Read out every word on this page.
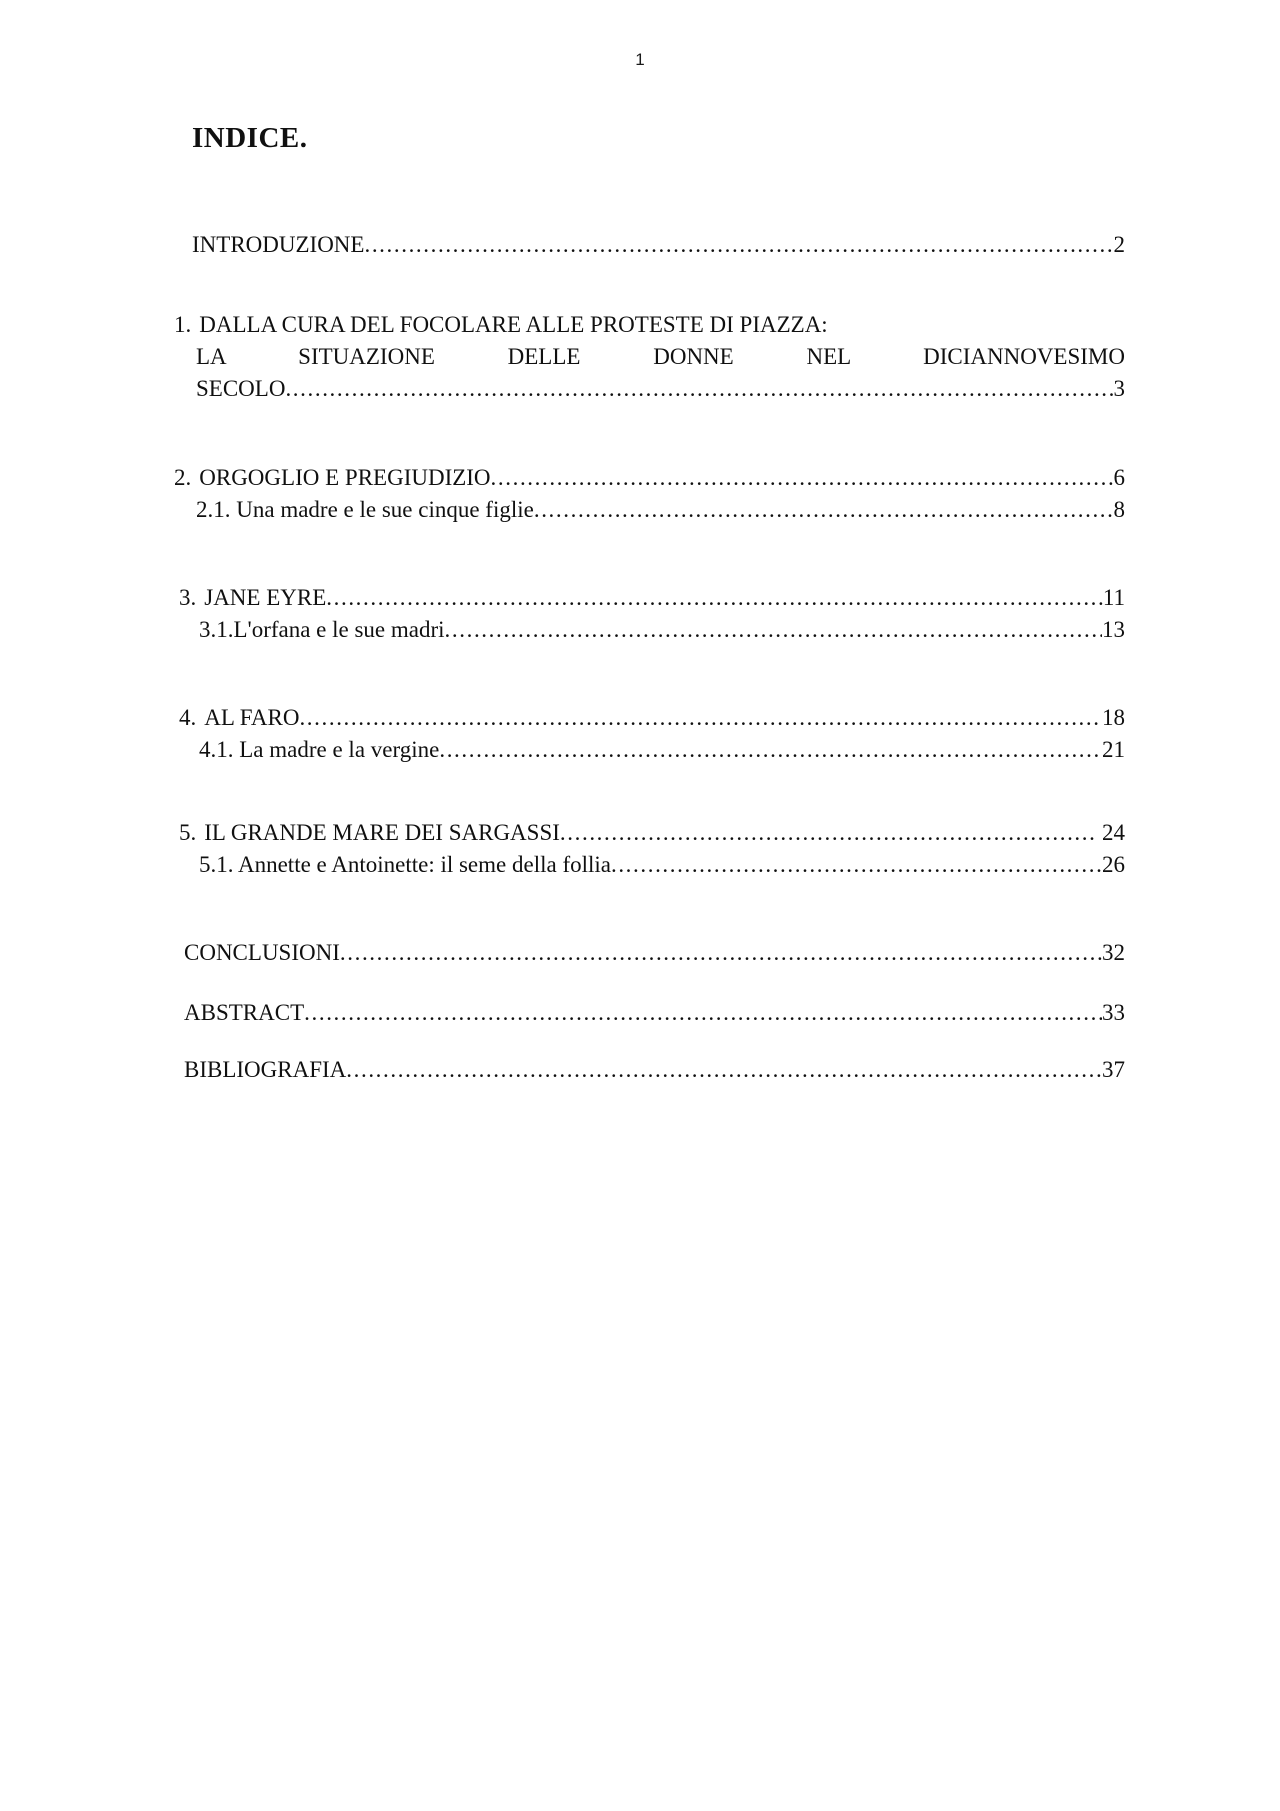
1
INDICE.
INTRODUZIONE .....	2
1. DALLA CURA DEL FOCOLARE ALLE PROTESTE DI PIAZZA:
LA SITUAZIONE DELLE DONNE NEL DICIANNOVESIMO
SECOLO .....	3
2. ORGOGLIO E PREGIUDIZIO .....	6
2.1. Una madre e le sue cinque figlie .....	8
3. JANE EYRE .....	11
3.1.L'orfana e le sue madri .....	13
4. AL FARO .....	18
4.1. La madre e la vergine .....	21
5. IL GRANDE MARE DEI SARGASSI .....	24
5.1. Annette e Antoinette: il seme della follia .....	26
CONCLUSIONI .....	32
ABSTRACT .....	33
BIBLIOGRAFIA .....	37
